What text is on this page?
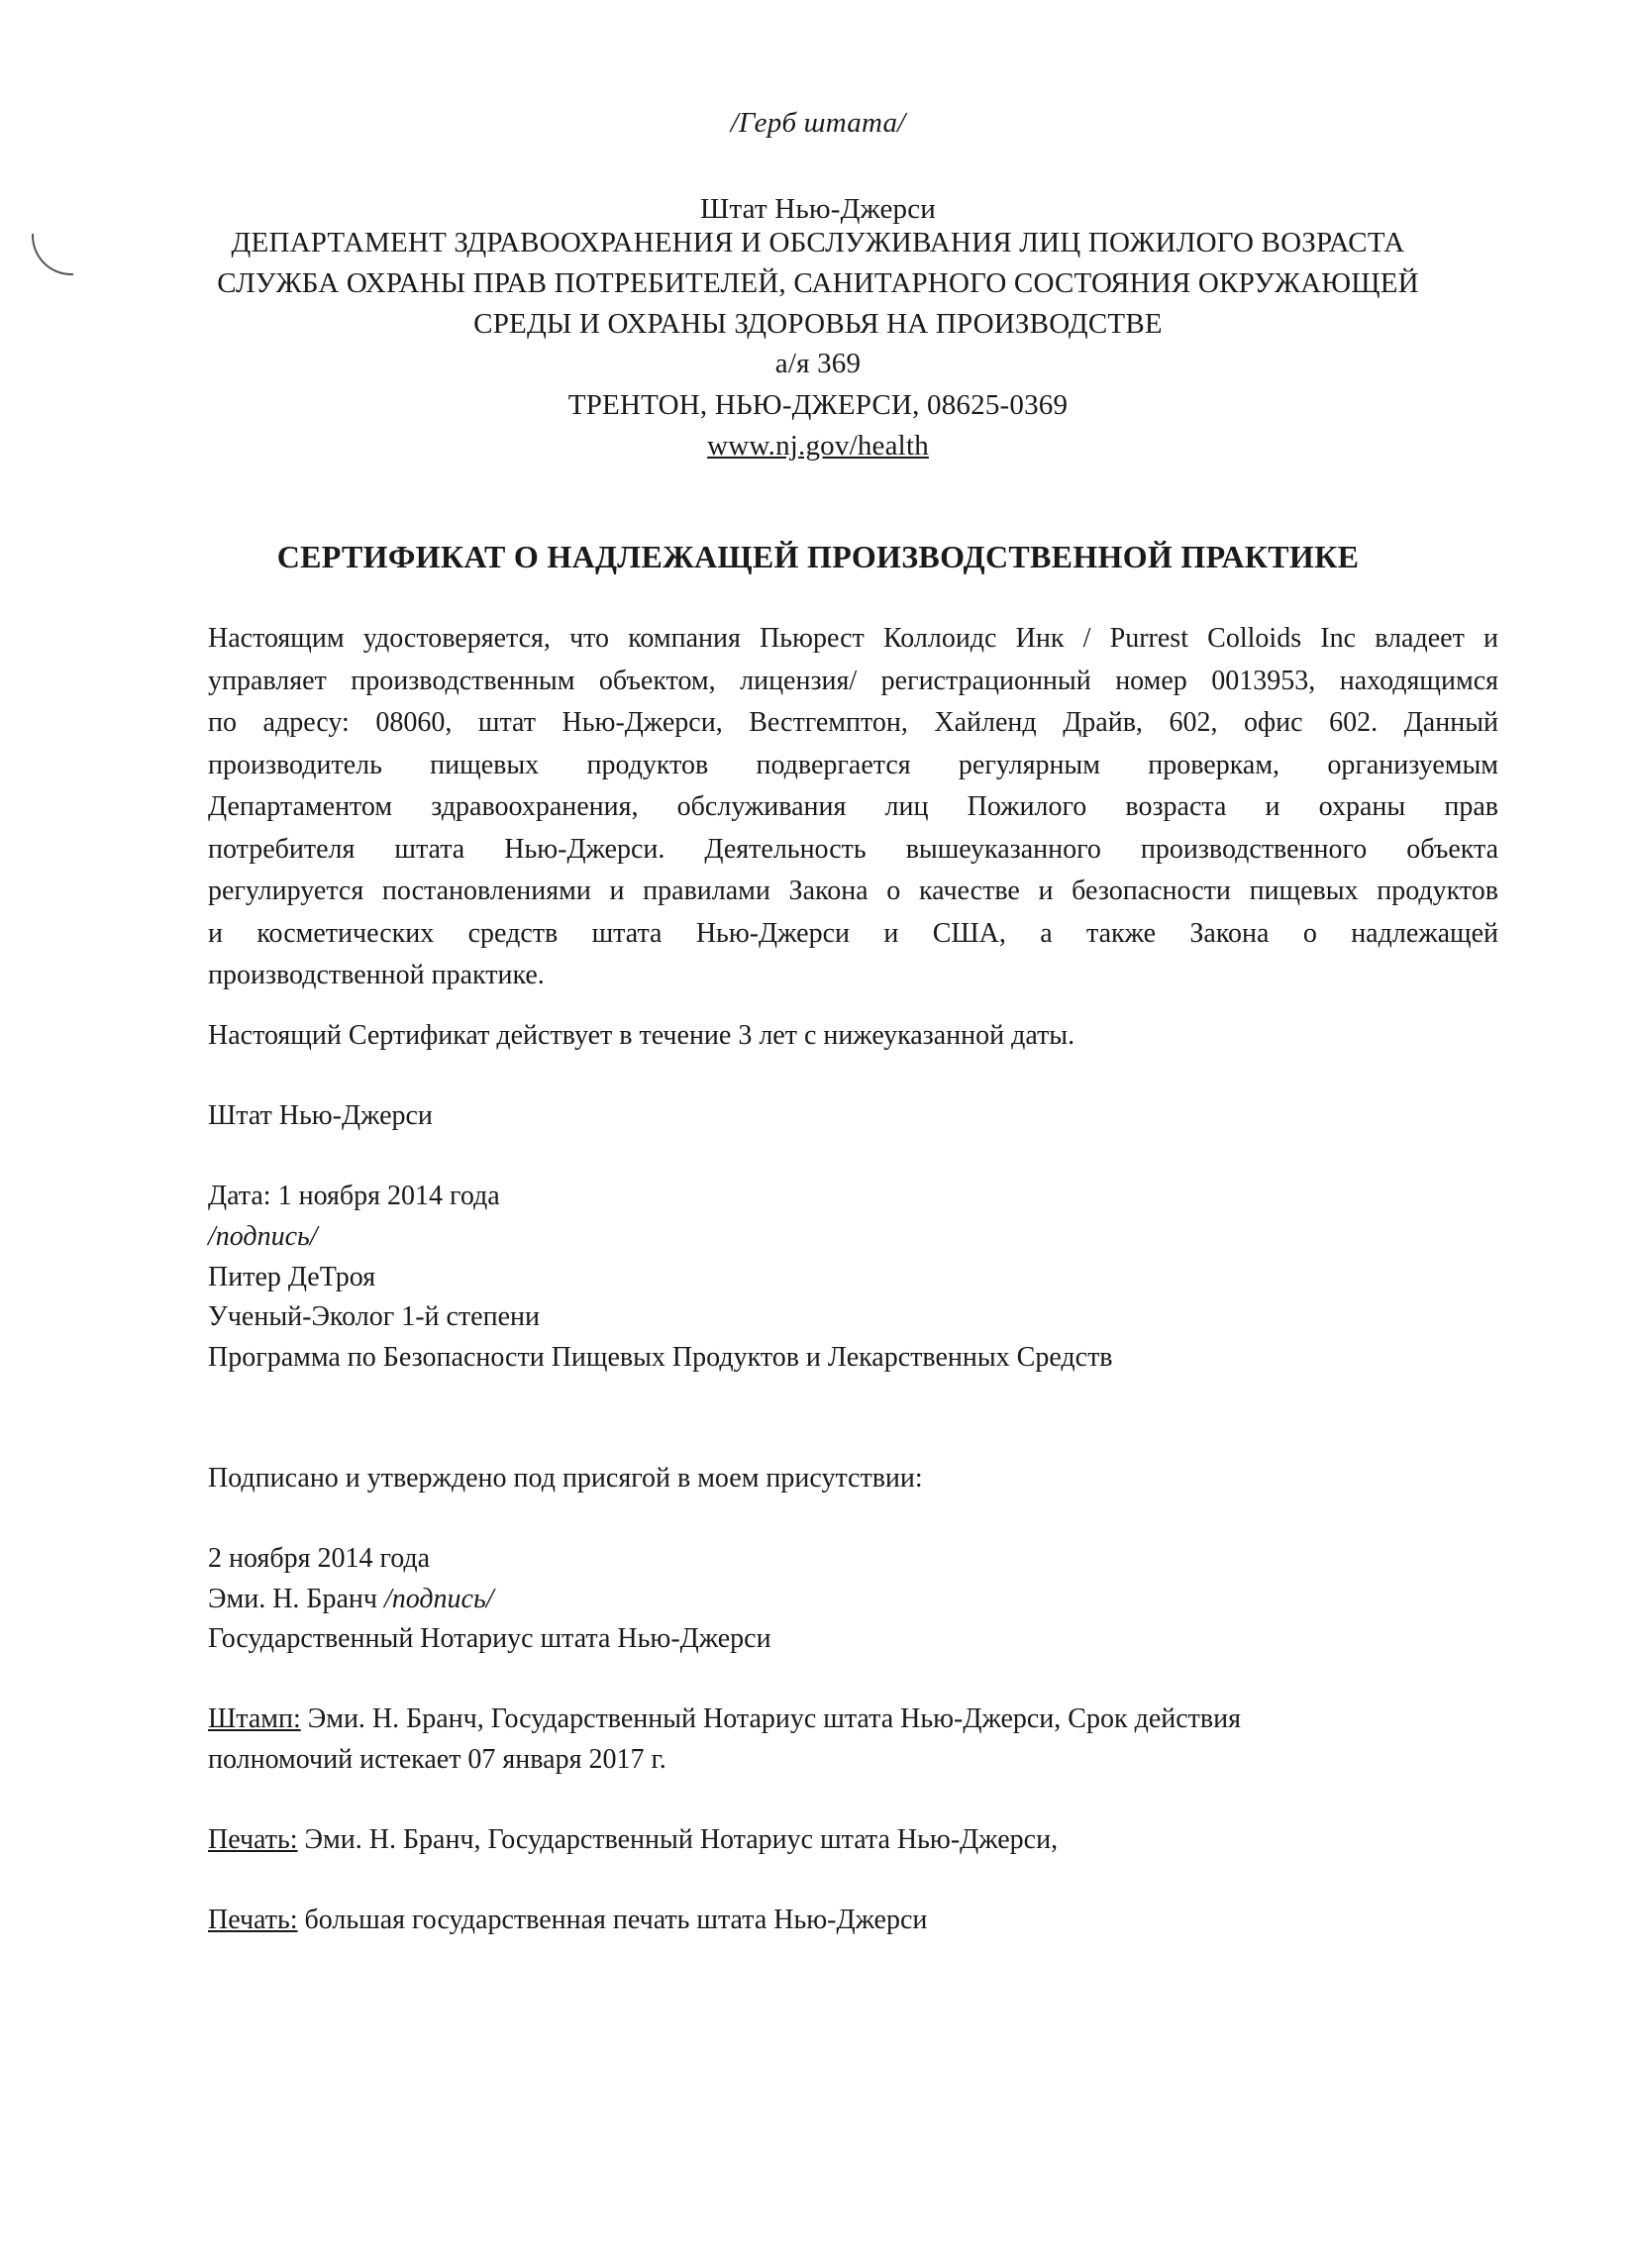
/Герб штата/
Штат Нью-Джерси
ДЕПАРТАМЕНТ ЗДРАВООХРАНЕНИЯ И ОБСЛУЖИВАНИЯ ЛИЦ ПОЖИЛОГО ВОЗРАСТА
СЛУЖБА ОХРАНЫ ПРАВ ПОТРЕБИТЕЛЕЙ, САНИТАРНОГО СОСТОЯНИЯ ОКРУЖАЮЩЕЙ
СРЕДЫ И ОХРАНЫ ЗДОРОВЬЯ НА ПРОИЗВОДСТВЕ
а/я 369
ТРЕНТОН, НЬЮ-ДЖЕРСИ, 08625-0369
www.nj.gov/health
СЕРТИФИКАТ О НАДЛЕЖАЩЕЙ ПРОИЗВОДСТВЕННОЙ ПРАКТИКЕ
Настоящим удостоверяется, что компания Пьюрест Коллоидс Инк / Purrest Colloids Inc владеет и
управляет производственным объектом, лицензия/ регистрационный номер 0013953, находящимся
по адресу: 08060, штат Нью-Джерси, Вестгемптон, Хайленд Драйв, 602, офис 602. Данный
производитель пищевых продуктов подвергается регулярным проверкам, организуемым
Департаментом здравоохранения, обслуживания лиц Пожилого возраста и охраны прав
потребителя штата Нью-Джерси. Деятельность вышеуказанного производственного объекта
регулируется постановлениями и правилами Закона о качестве и безопасности пищевых продуктов
и косметических средств штата Нью-Джерси и США, а также Закона о надлежащей
производственной практике.
Настоящий Сертификат действует в течение 3 лет с нижеуказанной даты.
Штат Нью-Джерси
Дата: 1 ноября 2014 года
/подпись/
Питер ДеТроя
Ученый-Эколог 1-й степени
Программа по Безопасности Пищевых Продуктов и Лекарственных Средств
Подписано и утверждено под присягой в моем присутствии:
2 ноября 2014 года
Эми. Н. Бранч /подпись/
Государственный Нотариус штата Нью-Джерси
Штамп: Эми. Н. Бранч, Государственный Нотариус штата Нью-Джерси, Срок действия
полномочий истекает 07 января 2017 г.
Печать: Эми. Н. Бранч, Государственный Нотариус штата Нью-Джерси,
Печать: большая государственная печать штата Нью-Джерси
